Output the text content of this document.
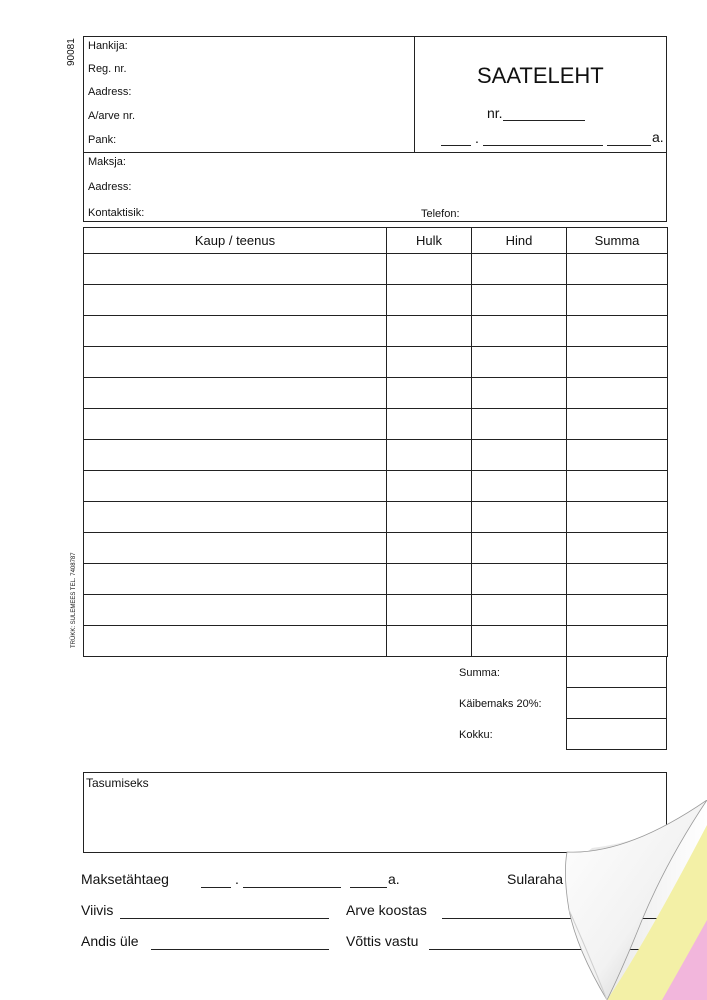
90081
TRÜKK: SULEMEES TEL. 7408787
Hankija:
Reg. nr.
Aadress:
A/arve nr.
Pank:
SAATELEHT
nr.
.	a.
Maksja:
Aadress:
Kontaktisik:	Telefon:
Kaup / teenus	Hulk	Hind	Summa

Summa:
Käibemaks 20%:
Kokku:

Tasumiseks
Maksetähtaeg	.	a.	Sularaha
Viivis	Arve koostas
Andis üle	Võttis vastu
